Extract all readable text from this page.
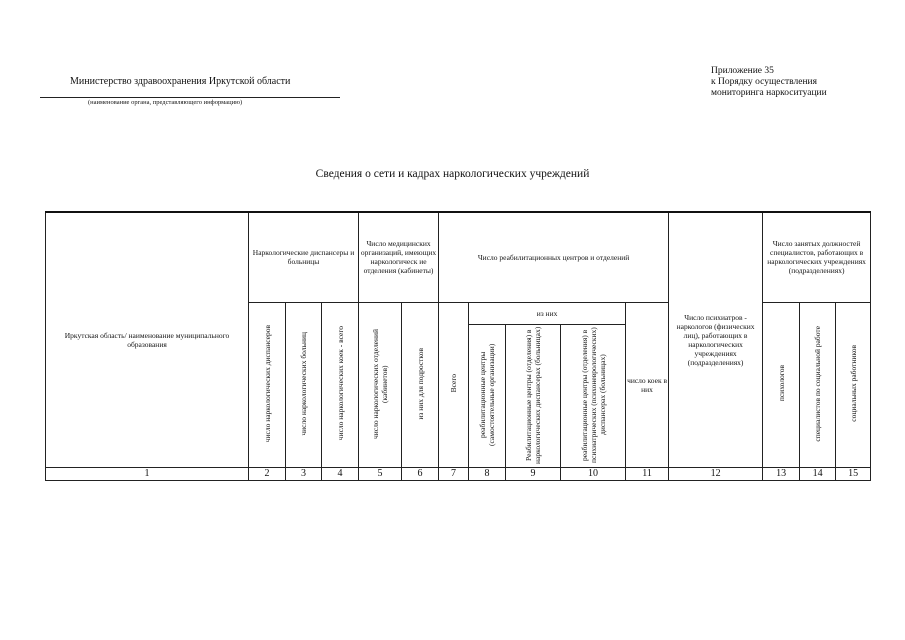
Министерство здравоохранения Иркутской области
(наименование органа, представляющего информацию)
Приложение 35
к Порядку осуществления
мониторинга наркоситуации
Сведения о сети и кадрах наркологических учреждений
Иркутская область/ наименование муниципального образования	Наркологические диспансеры и больницы			Число медицинских организаций, имеющих наркологическ ие отделения (кабинеты)		Число реабилитационных центров и отделений					Число психиатров - наркологов (физических лиц), работающих в наркологических учреждениях (подразделениях)	Число занятых должностей специалистов, работающих в наркологических учреждениях (подразделениях)		
	число наркологических диспансеров	число наркологических больниц	число наркологических коек - всего	число наркологических отделений (кабинетов)	из них для подростков	Всего	из них			число коек в них		психологов	специалистов по социальной работе	социальных работников
							реабилитационные центры (самостоятельные организации)	Реабилитационные центры (отделения) в наркологических диспансерах (больницах)	реабилитационные центры (отделения) в психиатрических (психоневрологических) диспансерах (больницах)					
1	2	3	4	5	6	7	8	9	10	11	12	13	14	15
